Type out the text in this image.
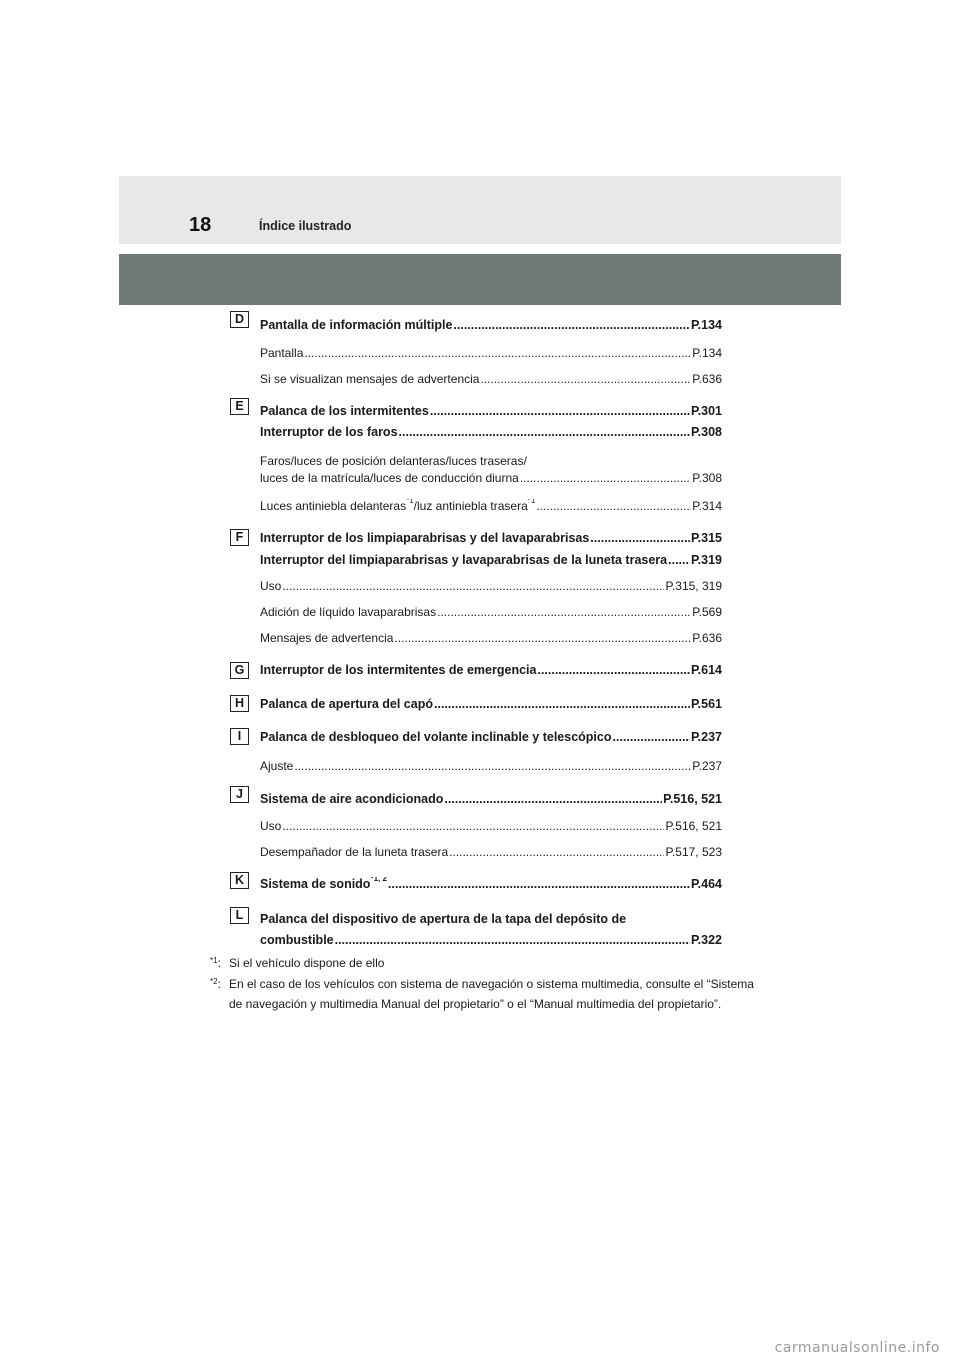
18	Índice ilustrado
D	Pantalla de información múltiple .....	P.134
Pantalla .....	P.134
Si se visualizan mensajes de advertencia .....	P.636
E	Palanca de los intermitentes .....	P.301
Interruptor de los faros .....	P.308
Faros/luces de posición delanteras/luces traseras/
luces de la matrícula/luces de conducción diurna .....	P.308
Luces antiniebla delanteras$^{*1}$/luz antiniebla trasera$^{*1}$ .....	P.314
F	Interruptor de los limpiaparabrisas y del lavaparabrisas .....	P.315
Interruptor del limpiaparabrisas y lavaparabrisas de la luneta trasera ..... P.319
Uso .....	P.315, 319
Adición de líquido lavaparabrisas .....	P.569
Mensajes de advertencia .....	P.636
G	Interruptor de los intermitentes de emergencia .....	P.614
H	Palanca de apertura del capó .....	P.561
I	Palanca de desbloqueo del volante inclinable y telescópico .....	P.237
Ajuste .....	P.237
J	Sistema de aire acondicionado .....	P.516, 521
Uso .....	P.516, 521
Desempañador de la luneta trasera .....	P.517, 523
K	Sistema de sonido$^{*1, 2}$ .....	P.464
L	Palanca del dispositivo de apertura de la tapa del depósito de
combustible .....	P.322
$^{*1}$: Si el vehículo dispone de ello
$^{*2}$: En el caso de los vehículos con sistema de navegación o sistema multimedia, consulte el “Sistema de navegación y multimedia Manual del propietario” o el “Manual multimedia del propietario”.
carmanualsonline.info
